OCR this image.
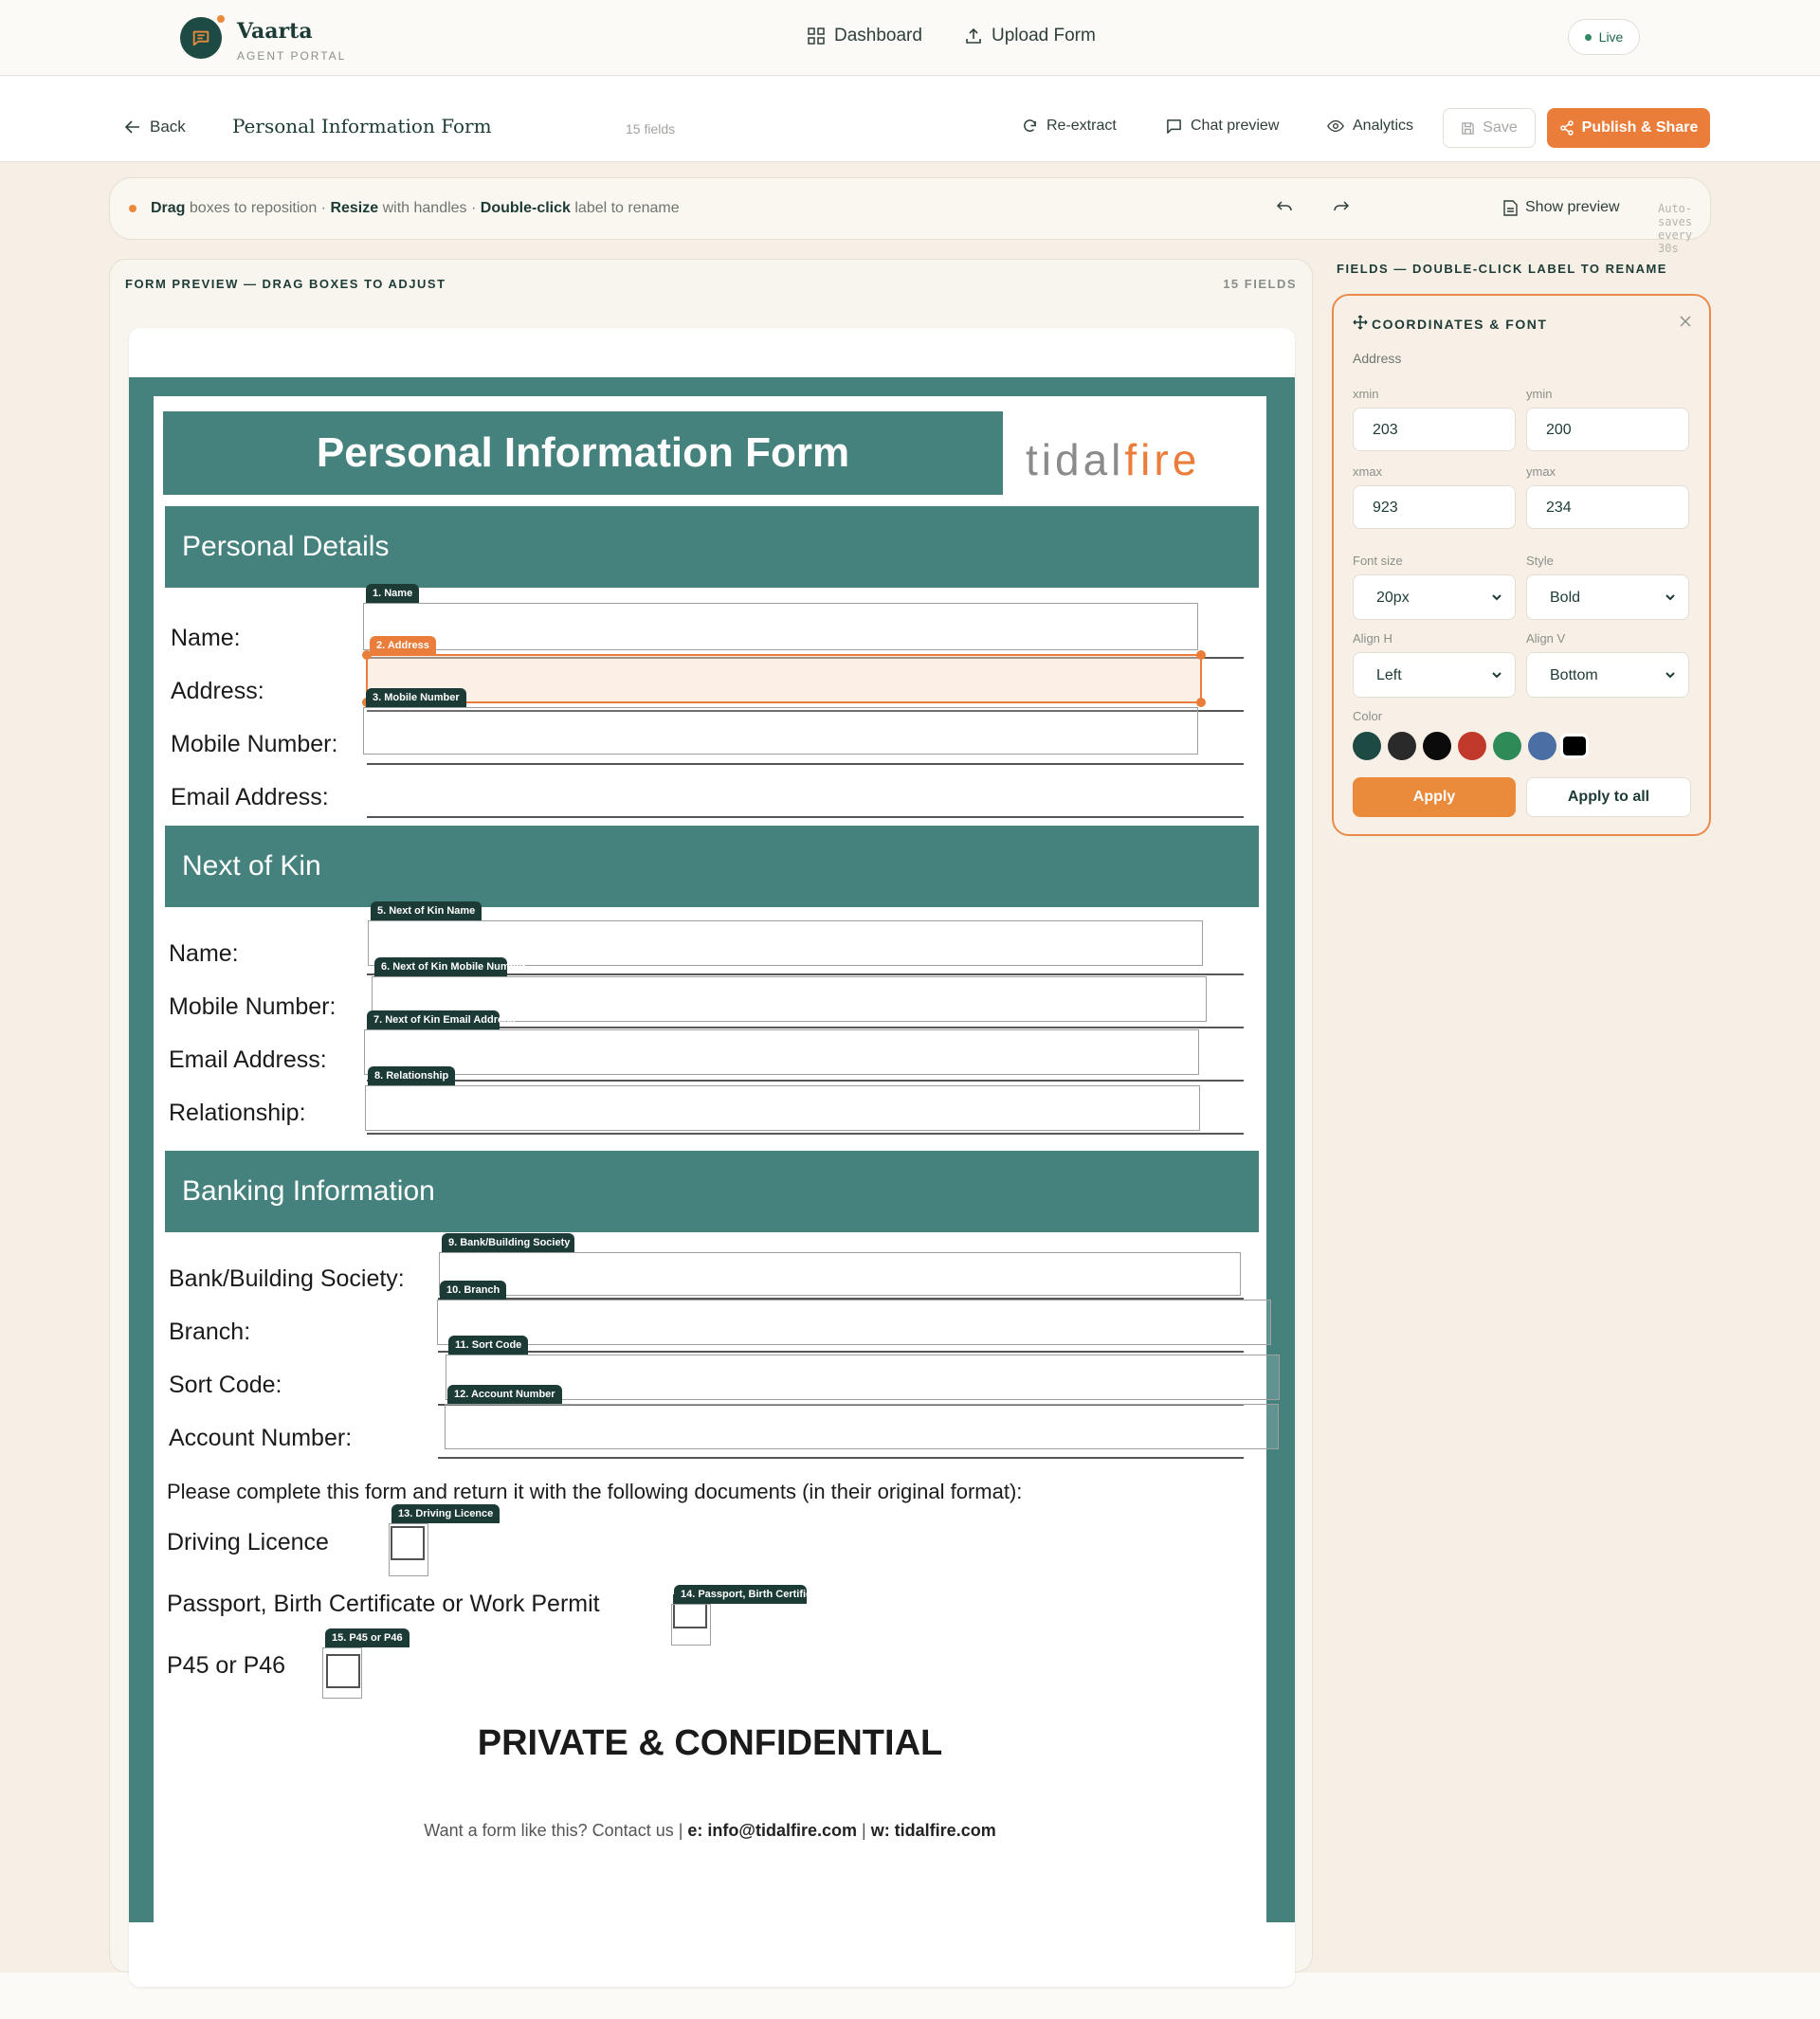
Vaarta
AGENT PORTAL
Dashboard	Upload Form	Live
Back Personal Information Form	15 fields	Re-extract	Chat preview	Analytics	Save	Publish & Share
Drag boxes to reposition · Resize with handles · Double-click label to rename	Show preview	Auto-saves every 30s
FORM PREVIEW — DRAG BOXES TO ADJUST	15 FIELDS
Personal Information Form	tidalfire
Personal Details
Name:
Address:
Mobile Number:
Email Address:
Next of Kin
Name:
Mobile Number:
Email Address:
Relationship:
Banking Information
Bank/Building Society:
Branch:
Sort Code:
Account Number:
Please complete this form and return it with the following documents (in their original format):
Driving Licence
Passport, Birth Certificate or Work Permit
P45 or P46
PRIVATE & CONFIDENTIAL
Want a form like this? Contact us | e: info@tidalfire.com | w: tidalfire.com
1. Name
2. Address
3. Mobile Number
5. Next of Kin Name
6. Next of Kin Mobile Number
7. Next of Kin Email Address
8. Relationship
9. Bank/Building Society
10. Branch
11. Sort Code
12. Account Number
13. Driving Licence
14. Passport, Birth Certificate
15. P45 or P46
FIELDS — DOUBLE-CLICK LABEL TO RENAME
COORDINATES & FONT
Address
xmin	ymin
203	200
xmax	ymax
923	234
Font size	Style
20px	Bold
Align H	Align V
Left	Bottom
Color
Apply	Apply to all
